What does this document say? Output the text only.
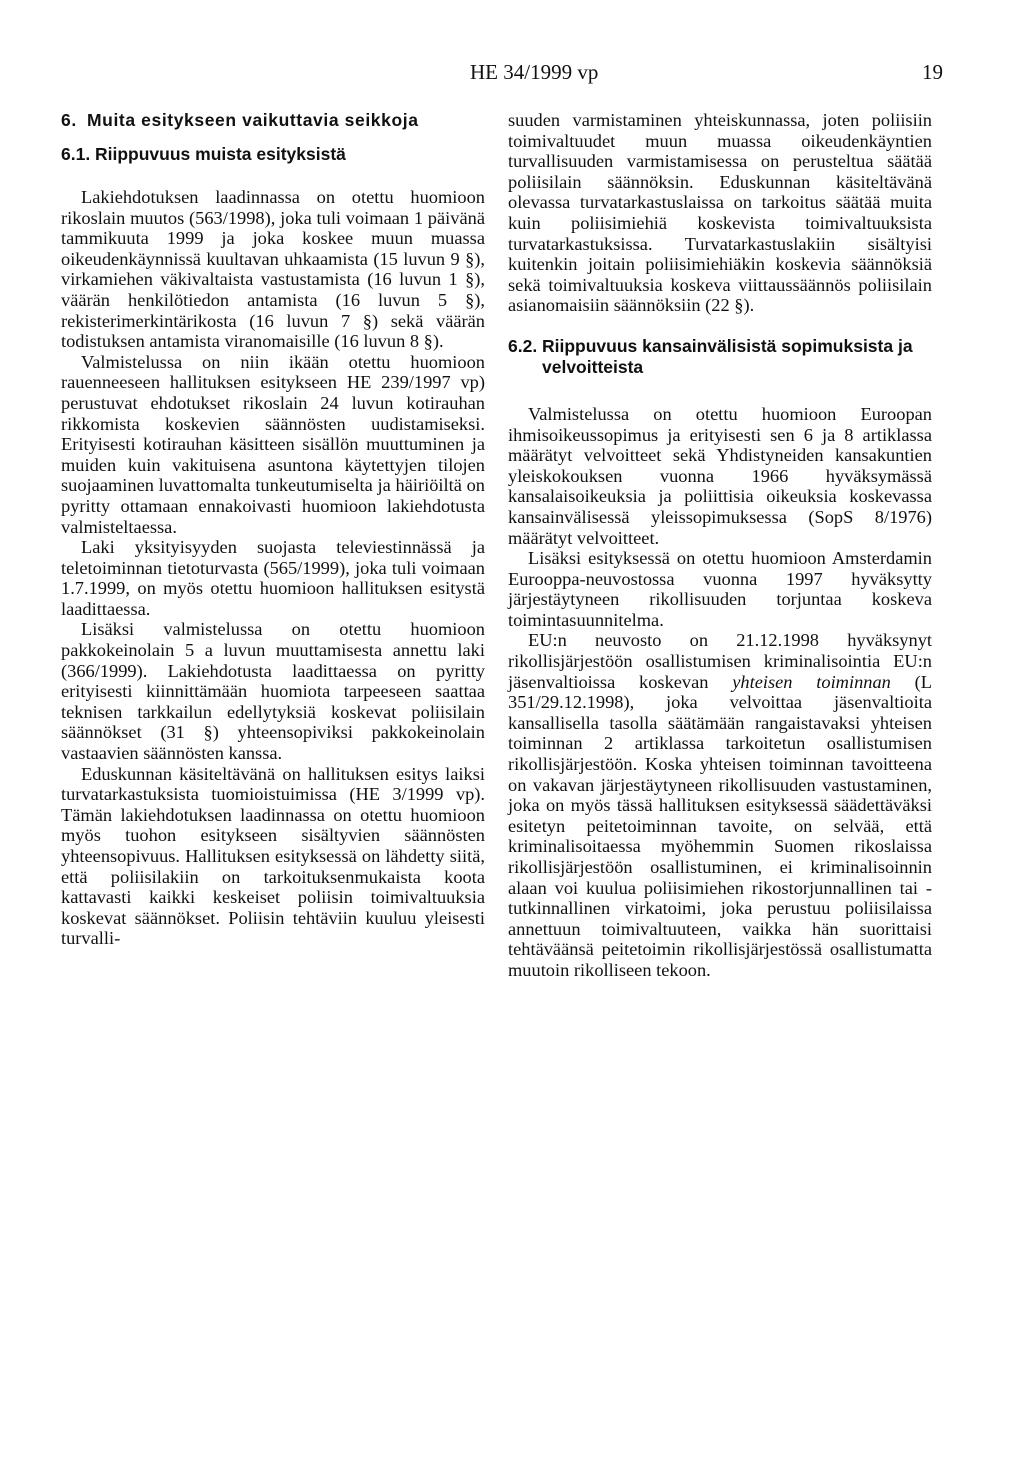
HE 34/1999 vp	19
6. Muita esitykseen vaikuttavia seikkoja
6.1. Riippuvuus muista esityksistä

Lakiehdotuksen laadinnassa on otettu huomioon rikoslain muutos (563/1998), joka tuli voimaan 1 päivänä tammikuuta 1999 ja joka koskee muun muassa oikeudenkäynnissä kuultavan uhkaamista (15 luvun 9 §), virkamiehen väkivaltaista vastustamista (16 luvun 1 §), väärän henkilötiedon antamista (16 luvun 5 §), rekisterimerkintärikosta (16 luvun 7 §) sekä väärän todistuksen antamista viranomaisille (16 luvun 8 §).

Valmistelussa on niin ikään otettu huomioon rauenneeseen hallituksen esitykseen HE 239/1997 vp) perustuvat ehdotukset rikoslain 24 luvun kotirauhan rikkomista koskevien säännösten uudistamiseksi. Erityisesti kotirauhan käsitteen sisällön muuttuminen ja muiden kuin vakituisena asuntona käytettyjen tilojen suojaaminen luvattomalta tunkeutumiselta ja häiriöiltä on pyritty ottamaan ennakoivasti huomioon lakiehdotusta valmisteltaessa.

Laki yksityisyyden suojasta televiestinnässä ja teletoiminnan tietoturvasta (565/1999), joka tuli voimaan 1.7.1999, on myös otettu huomioon hallituksen esitystä laadittaessa.

Lisäksi valmistelussa on otettu huomioon pakkokeinolain 5 a luvun muuttamisesta annettu laki (366/1999). Lakiehdotusta laadittaessa on pyritty erityisesti kiinnittämään huomiota tarpeeseen saattaa teknisen tarkkailun edellytyksiä koskevat poliisilain säännökset (31 §) yhteensopiviksi pakkokeinolain vastaavien säännösten kanssa.

Eduskunnan käsiteltävänä on hallituksen esitys laiksi turvatarkastuksista tuomioistuimissa (HE 3/1999 vp). Tämän lakiehdotuksen laadinnassa on otettu huomioon myös tuohon esitykseen sisältyvien säännösten yhteensopivuus. Hallituksen esityksessä on lähdetty siitä, että poliisilakiin on tarkoituksenmukaista koota kattavasti kaikki keskeiset poliisin toimivaltuuksia koskevat säännökset. Poliisin tehtäviin kuuluu yleisesti turvalli-

suuden varmistaminen yhteiskunnassa, joten poliisiin toimivaltuudet muun muassa oikeudenkäyntien turvallisuuden varmistamisessa on perusteltua säätää poliisilain säännöksin. Eduskunnan käsiteltävänä olevassa turvatarkastuslaissa on tarkoitus säätää muita kuin poliisimiehiä koskevista toimivaltuuksista turvatarkastuksissa. Turvatarkastuslakiin sisältyisi kuitenkin joitain poliisimiehiäkin koskevia säännöksiä sekä toimivaltuuksia koskeva viittaussäännös poliisilain asianomaisiin säännöksiin (22 §).

6.2. Riippuvuus kansainvälisistä sopimuksista ja velvoitteista

Valmistelussa on otettu huomioon Euroopan ihmisoikeussopimus ja erityisesti sen 6 ja 8 artiklassa määrätyt velvoitteet sekä Yhdistyneiden kansakuntien yleiskokouksen vuonna 1966 hyväksymässä kansalaisoikeuksia ja poliittisia oikeuksia koskevassa kansainvälisessä yleissopimuksessa (SopS 8/1976) määrätyt velvoitteet.

Lisäksi esityksessä on otettu huomioon Amsterdamin Eurooppa-neuvostossa vuonna 1997 hyväksytty järjestäytyneen rikollisuuden torjuntaa koskeva toimintasuunnitelma.

EU:n neuvosto on 21.12.1998 hyväksynyt rikollisjärjestöön osallistumisen kriminalisointia EU:n jäsenvaltioissa koskevan yhteisen toiminnan (L 351/29.12.1998), joka velvoittaa jäsenvaltioita kansallisella tasolla säätämään rangaistavaksi yhteisen toiminnan 2 artiklassa tarkoitetun osallistumisen rikollisjärjestöön. Koska yhteisen toiminnan tavoitteena on vakavan järjestäytyneen rikollisuuden vastustaminen, joka on myös tässä hallituksen esityksessä säädettäväksi esitetyn peitetoiminnan tavoite, on selvää, että kriminalisoitaessa myöhemmin Suomen rikoslaissa rikollisjärjestöön osallistuminen, ei kriminalisoinnin alaan voi kuulua poliisimiehen rikostorjunnallinen tai -tutkinnallinen virkatoimi, joka perustuu poliisilaissa annettuun toimivaltuuteen, vaikka hän suorittaisi tehtäväänsä peitetoimin rikollisjärjestössä osallistumatta muutoin rikolliseen tekoon.
